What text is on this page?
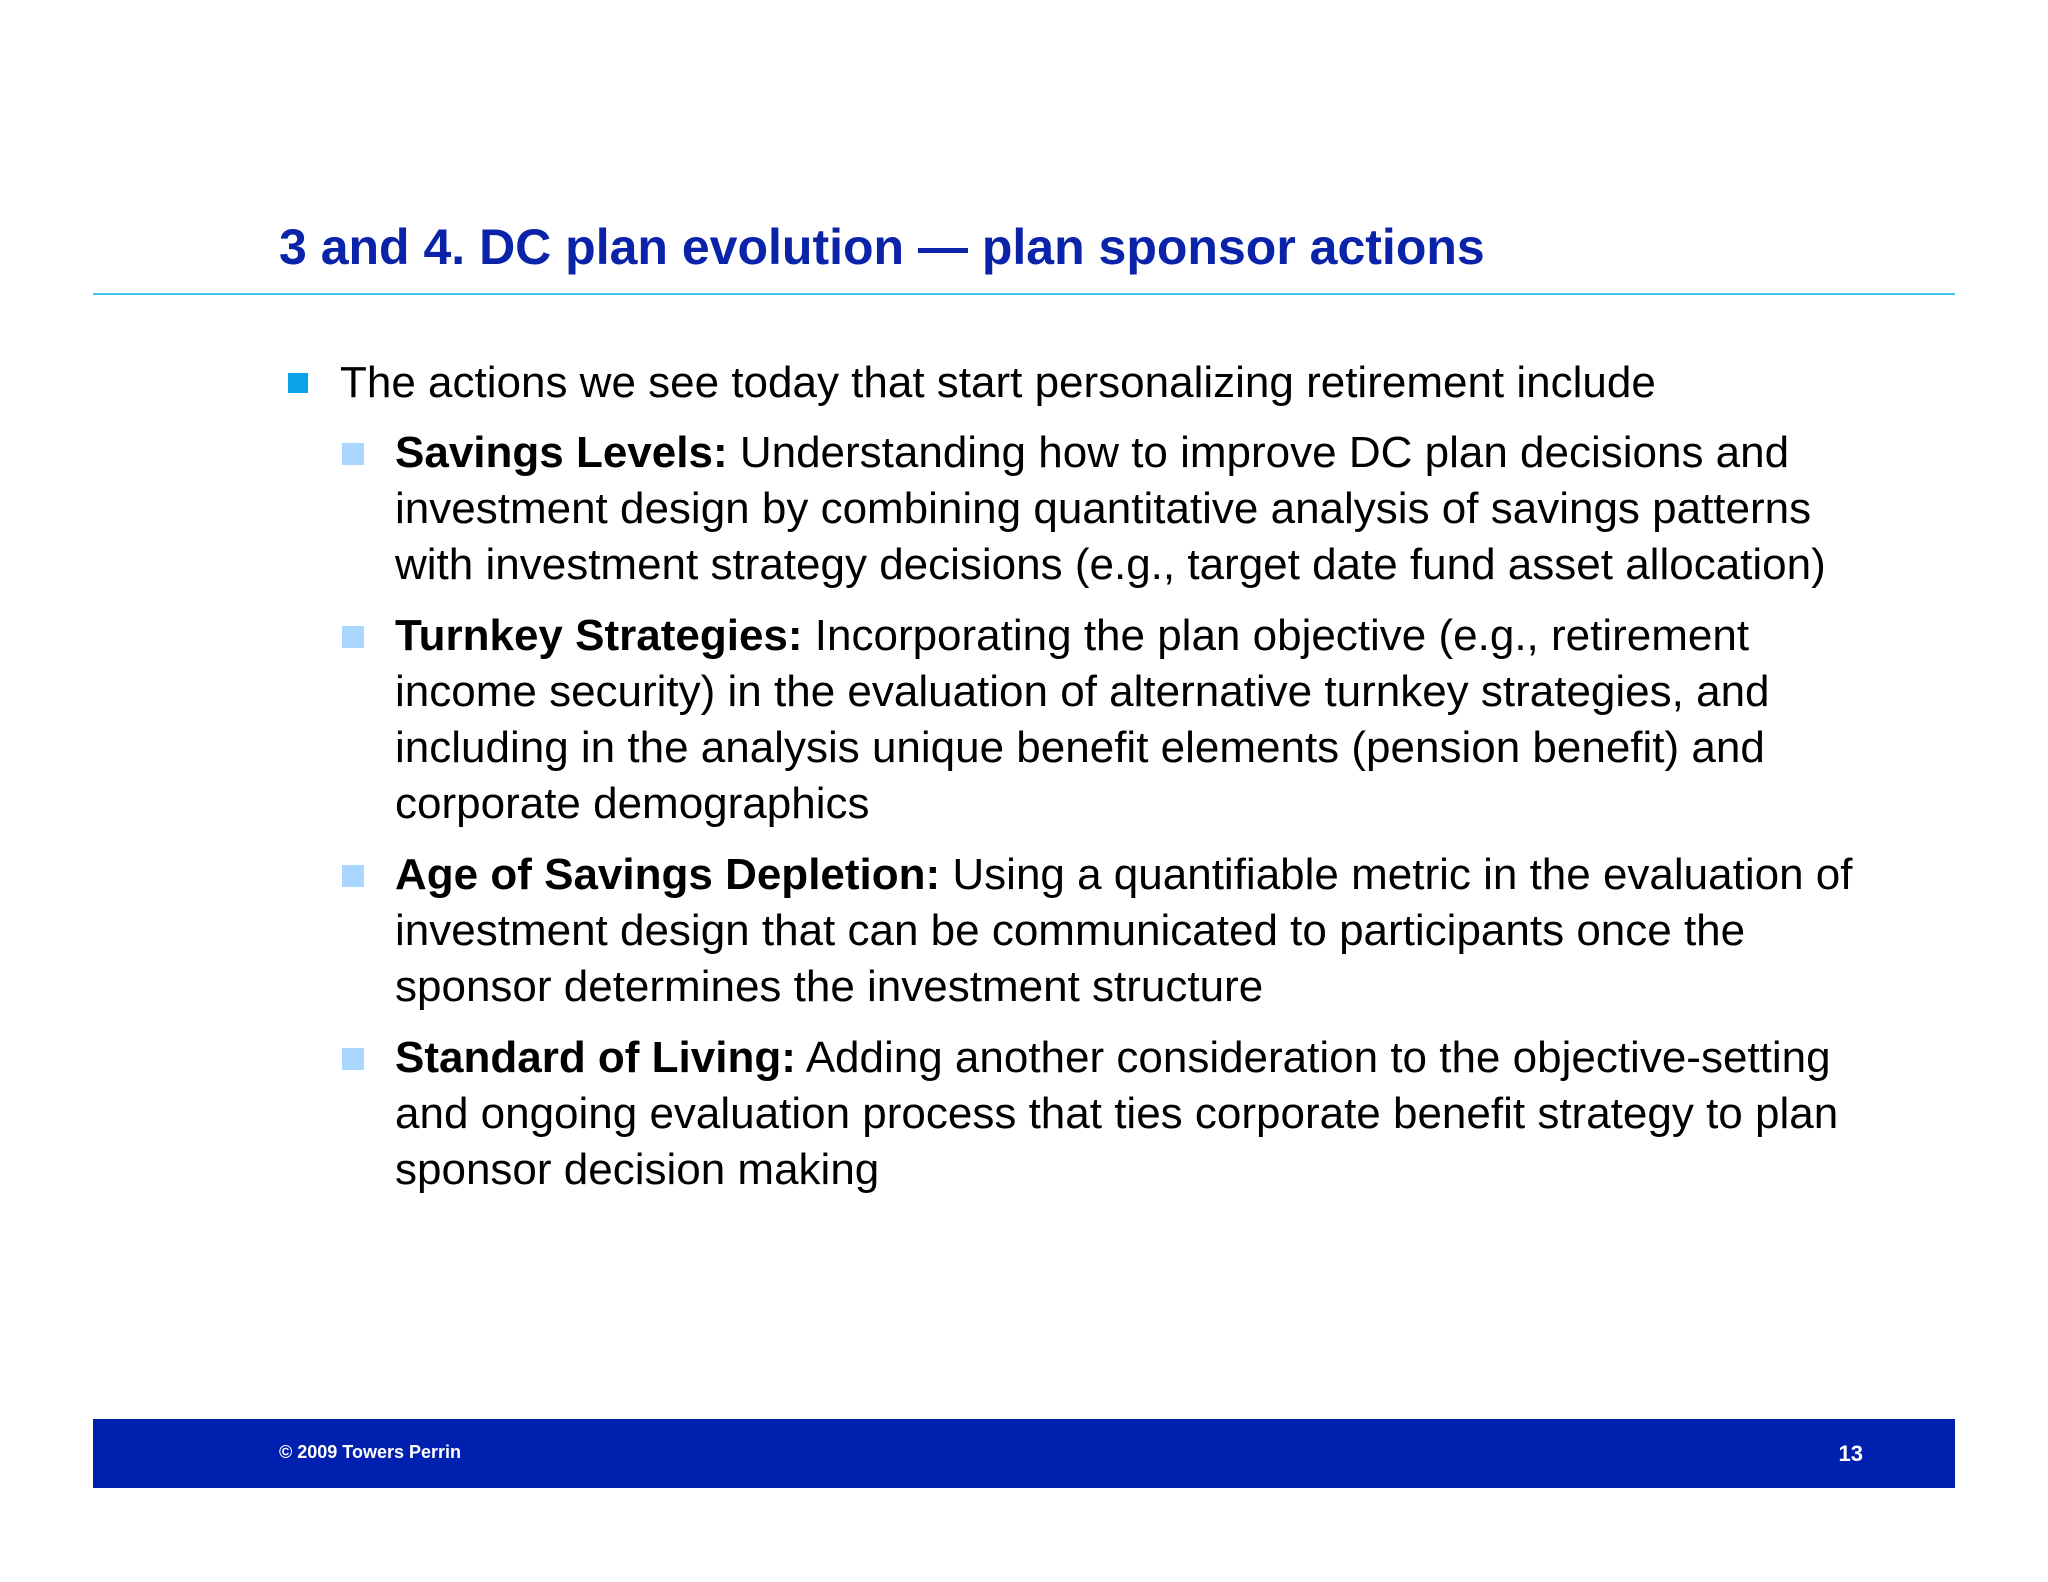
3 and 4. DC plan evolution — plan sponsor actions
The actions we see today that start personalizing retirement include
Savings Levels: Understanding how to improve DC plan decisions and investment design by combining quantitative analysis of savings patterns with investment strategy decisions (e.g., target date fund asset allocation)
Turnkey Strategies: Incorporating the plan objective (e.g., retirement income security) in the evaluation of alternative turnkey strategies, and including in the analysis unique benefit elements (pension benefit) and corporate demographics
Age of Savings Depletion: Using a quantifiable metric in the evaluation of investment design that can be communicated to participants once the sponsor determines the investment structure
Standard of Living: Adding another consideration to the objective-setting and ongoing evaluation process that ties corporate benefit strategy to plan sponsor decision making
© 2009 Towers Perrin	13
